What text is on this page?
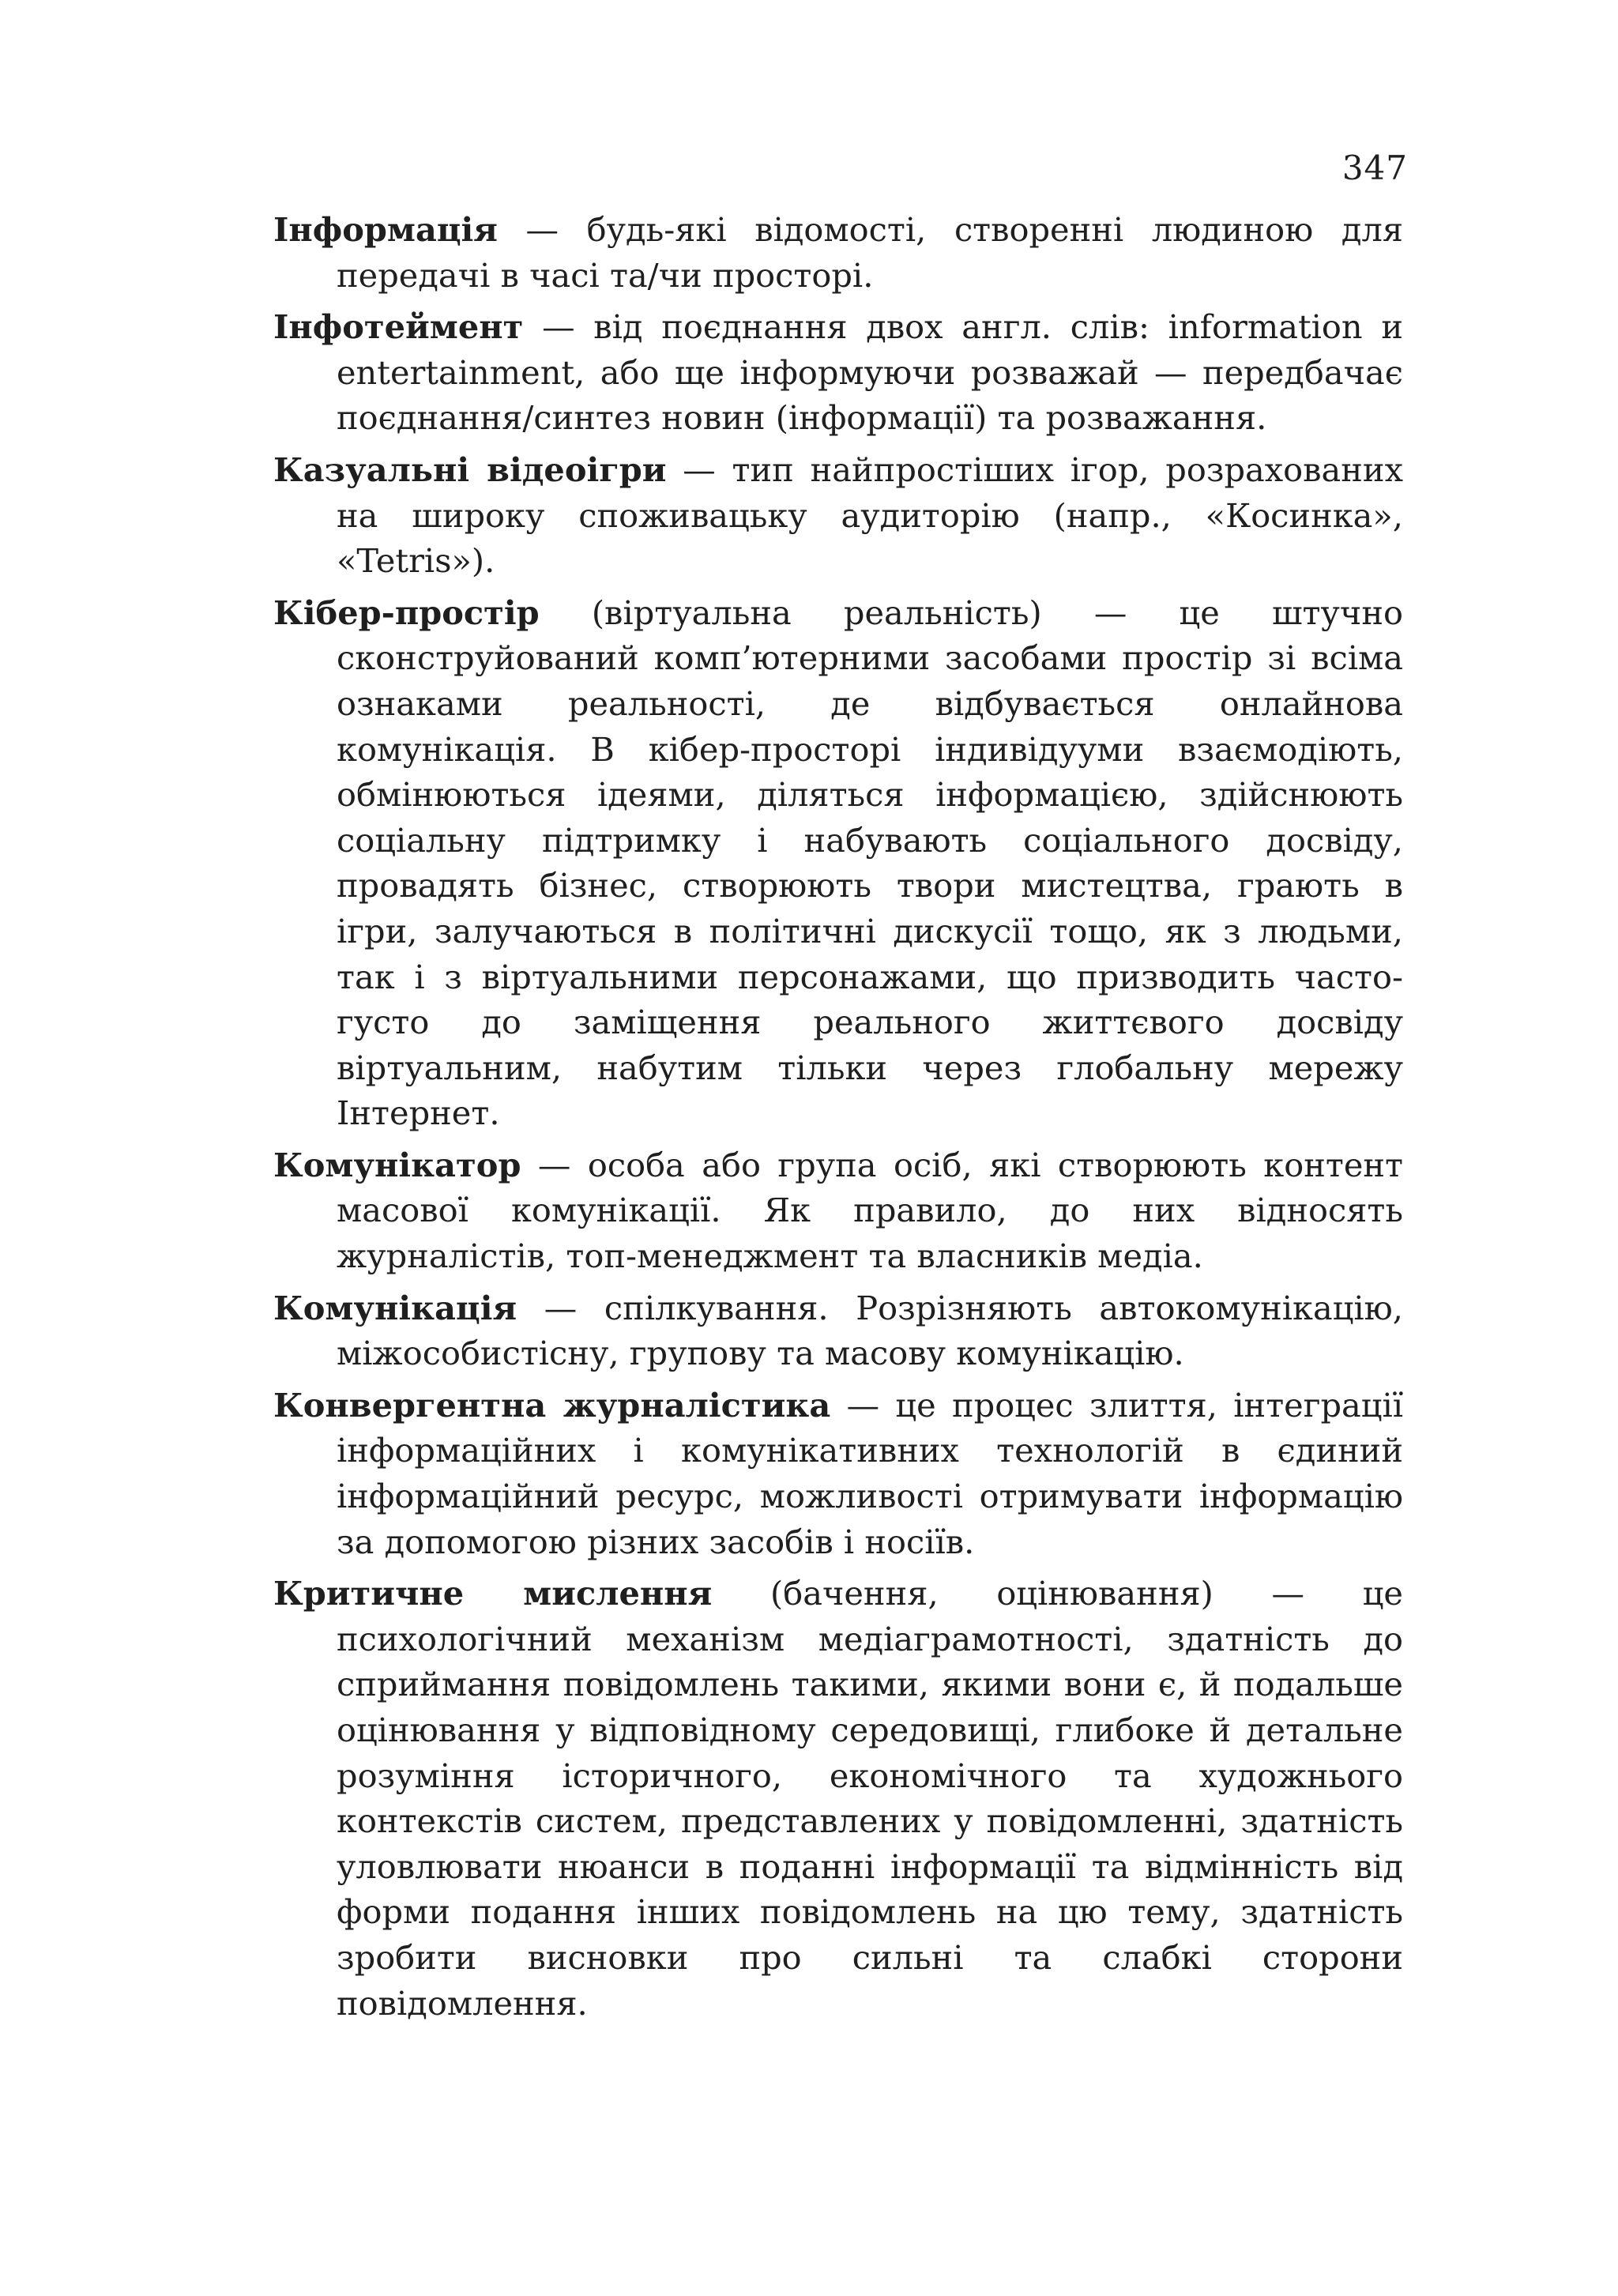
347

Інформація — будь-які відомості, створенні людиною для передачі в часі та/чи просторі.

Інфотеймент — від поєднання двох англ. слів: information и entertainment, або ще інформуючи розважай — передбачає поєднання/синтез новин (інформації) та розважання.

Казуальні відеоігри — тип найпростіших ігор, розрахованих на широку споживацьку аудиторію (напр., «Косинка», «Tetris»).

Кібер-простір (віртуальна реальність) — це штучно сконструйований комп’ютерними засобами простір зі всіма ознаками реальності, де відбувається онлайнова комунікація. В кібер-просторі індивідууми взаємодіють, обмінюються ідеями, діляться інформацією, здійснюють соціальну підтримку і набувають соціального досвіду, провадять бізнес, створюють твори мистецтва, грають в ігри, залучаються в політичні дискусії тощо, як з людьми, так і з віртуальними персонажами, що призводить часто-густо до заміщення реального життєвого досвіду віртуальним, набутим тільки через глобальну мережу Інтернет.

Комунікатор — особа або група осіб, які створюють контент масової комунікації. Як правило, до них відносять журналістів, топ-менеджмент та власників медіа.

Комунікація — спілкування. Розрізняють автокомунікацію, міжособистісну, групову та масову комунікацію.

Конвергентна журналістика — це процес злиття, інтеграції інформаційних і комунікативних технологій в єдиний інформаційний ресурс, можливості отримувати інформацію за допомогою різних засобів і носіїв.

Критичне мислення (бачення, оцінювання) — це психологічний механізм медіаграмотності, здатність до сприймання повідомлень такими, якими вони є, й подальше оцінювання у відповідному середовищі, глибоке й детальне розуміння історичного, економічного та художнього контекстів систем, представлених у повідомленні, здатність уловлювати нюанси в поданні інформації та відмінність від форми подання інших повідомлень на цю тему, здатність зробити висновки про сильні та слабкі сторони повідомлення.
